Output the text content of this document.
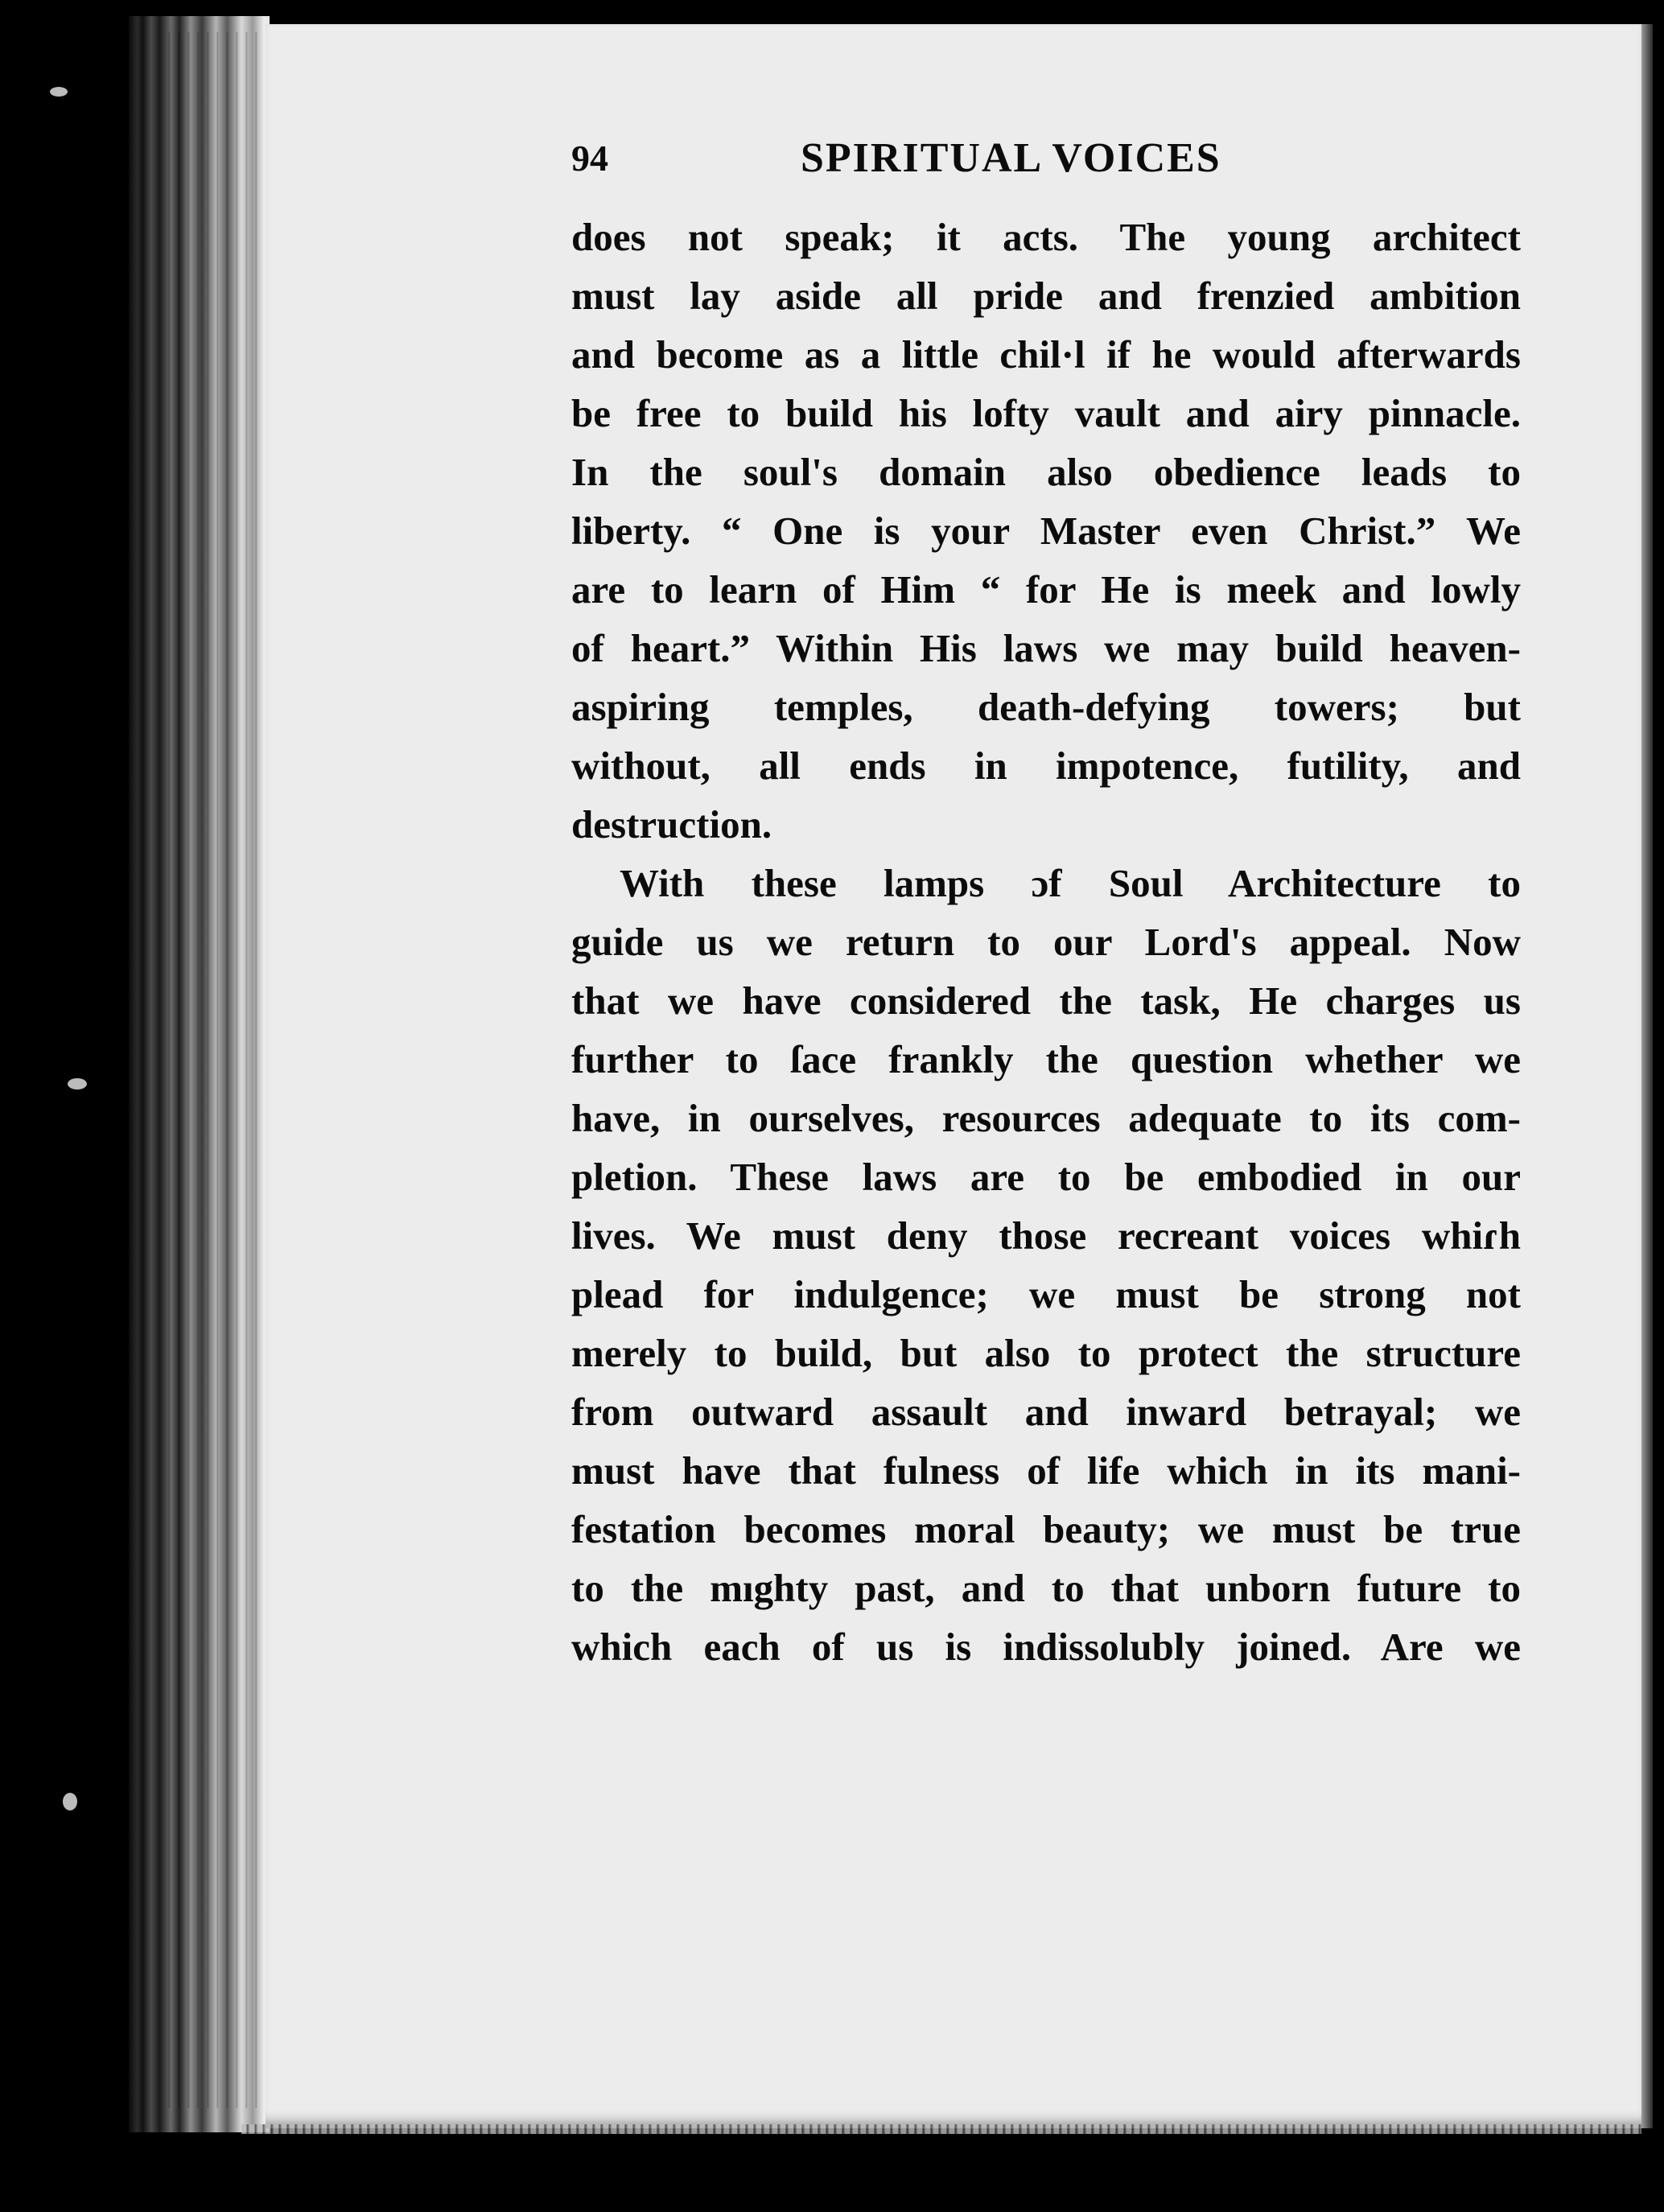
94	SPIRITUAL VOICES
does not speak; it acts. The young architect
must lay aside all pride and frenzied ambition
and become as a little chil·l if he would afterwards
be free to build his lofty vault and airy pinnacle.
In the soul's domain also obedience leads to
liberty. “ One is your Master even Christ.” We
are to learn of Him “ for He is meek and lowly
of heart.” Within His laws we may build heaven-
aspiring temples, death-defying towers; but
without, all ends in impotence, futility, and
destruction.
With these lamps ɔf Soul Architecture to
guide us we return to our Lord's appeal. Now
that we have considered the task, He charges us
further to ſace frankly the question whether we
have, in ourselves, resources adequate to its com-
pletion. These laws are to be embodied in our
lives. We must deny those recreant voices whiɾh
plead for indulgence; we must be strong not
merely to build, but also to protect the structure
from outward assault and inward betrayal; we
must have that fulness of life which in its mani-
festation becomes moral beauty; we must be true
to the mıghty past, and to that unborn future to
which each of us is indissolubly joined. Are we
